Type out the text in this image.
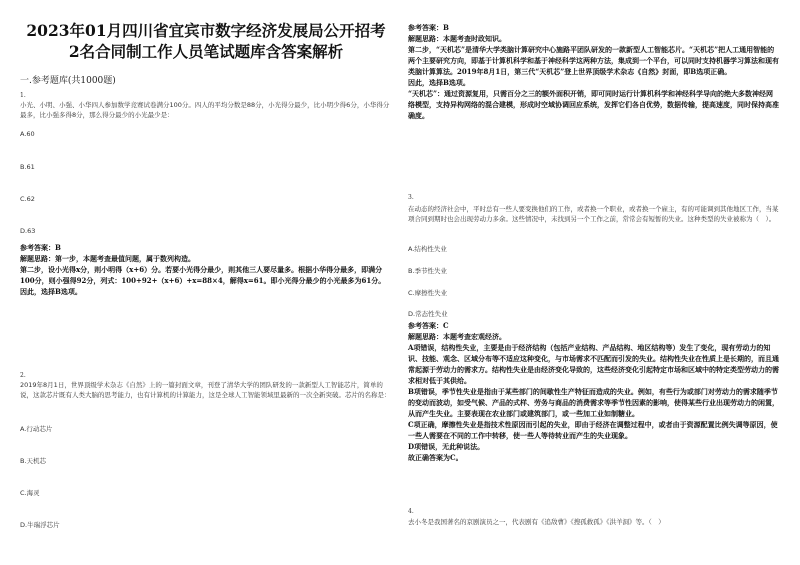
2023年01月四川省宜宾市数字经济发展局公开招考
2名合同制工作人员笔试题库含答案解析
一.参考题库(共1000题)
1.
小光、小明、小强、小华四人参加数学竞赛试卷满分100分。四人的平均分数是88分，小光得分最少，比小明少得6分，小华得分最多，比小强多得8分，那么得分最少的小光最少是：
A.60
B.61
C.62
D.63

参考答案：B

解题思路：第一步，本题考查最值问题，属于数列构造。

第二步，设小光得x分，则小明得（x+6）分。若要小光得分最少，则其他三人要尽量多。根据小华得分最多，即满分100分，则小强得92分，列式：100+92+（x+6）+x=88×4，解得x=61。即小光得分最少的小光最多为61分。

因此，选择B选项。

2.
2019年8月1日，世界顶级学术杂志《自然》上的一篇封面文章，刊登了清华大学的团队研发的一款新型人工智能芯片，简单的说，这款芯片既有人类大脑的思考能力，也有计算机的计算能力，这是全球人工智能领域里最新的一次全新突破。芯片的名称是：
A.行动芯片
B.天机芯
C.海灵
D.牛瑞浮芯片

参考答案：B

解题思路：本题考查时政知识。

第二步，“天机芯”是清华大学类脑计算研究中心施路平团队研发的一款新型人工智能芯片。“天机芯”把人工通用智能的两个主要研究方向，即基于计算机科学和基于神经科学这两种方法，集成到一个平台，可以同时支持机器学习算法和现有类脑计算算法。2019年8月1日，第三代“天机芯”登上世界顶级学术杂志《自然》封面，即B选项正确。

因此，选择B选项。

“天机芯”：通过资源复用，只需百分之三的额外面积开销，即可同时运行计算机科学和神经科学导向的绝大多数神经网络模型，支持异构网络的混合建模，形成时空域协调回应系统，发挥它们各自优势，数据传输，提高速度，同时保持高准确度。

3.
在动态的经济社会中，平时总有一些人要变换他们的工作，或者换一个职业，或者换一个雇主，有的可能调到其他地区工作，当某项合同到期时也会出现劳动力多余。这些情况中，未找到另一个工作之前，常常会有短暂的失业。这种类型的失业被称为（　）。
A.结构性失业
B.季节性失业
C.摩擦性失业
D.常态性失业

参考答案：C

解题思路：本题考查宏观经济。

A项错误，结构性失业，主要是由于经济结构（包括产业结构、产品结构、地区结构等）发生了变化，现有劳动力的知识、技能、观念、区域分布等不适应这种变化，与市场需求不匹配而引发的失业。结构性失业在性质上是长期的，而且通常起源于劳动力的需求方。结构性失业是由经济变化导致的，这些经济变化引起特定市场和区域中的特定类型劳动力的需求相对低于其供给。

B项错误，季节性失业是指由于某些部门的间歇性生产特征而造成的失业。例如，有些行为或部门对劳动力的需求随季节的变动而波动，如受气候、产品的式样、劳务与商品的消费需求等季节性因素的影响，使得某些行业出现劳动力的闲置，从而产生失业。主要表现在农业部门或建筑部门，或一些加工业如制糖业。

C项正确，摩擦性失业是指技术性原因而引起的失业，即由于经济在调整过程中，或者由于资源配置比例失调等原因，使一些人需要在不同的工作中转移，使一些人等待转业而产生的失业现象。

D项错误，无此种说法。

故正确答案为C。

4.
去小冬是我国著名的京剧演员之一，代表剧有《追敌曹》《搜孤救孤》《洪羊洞》等。（　）
